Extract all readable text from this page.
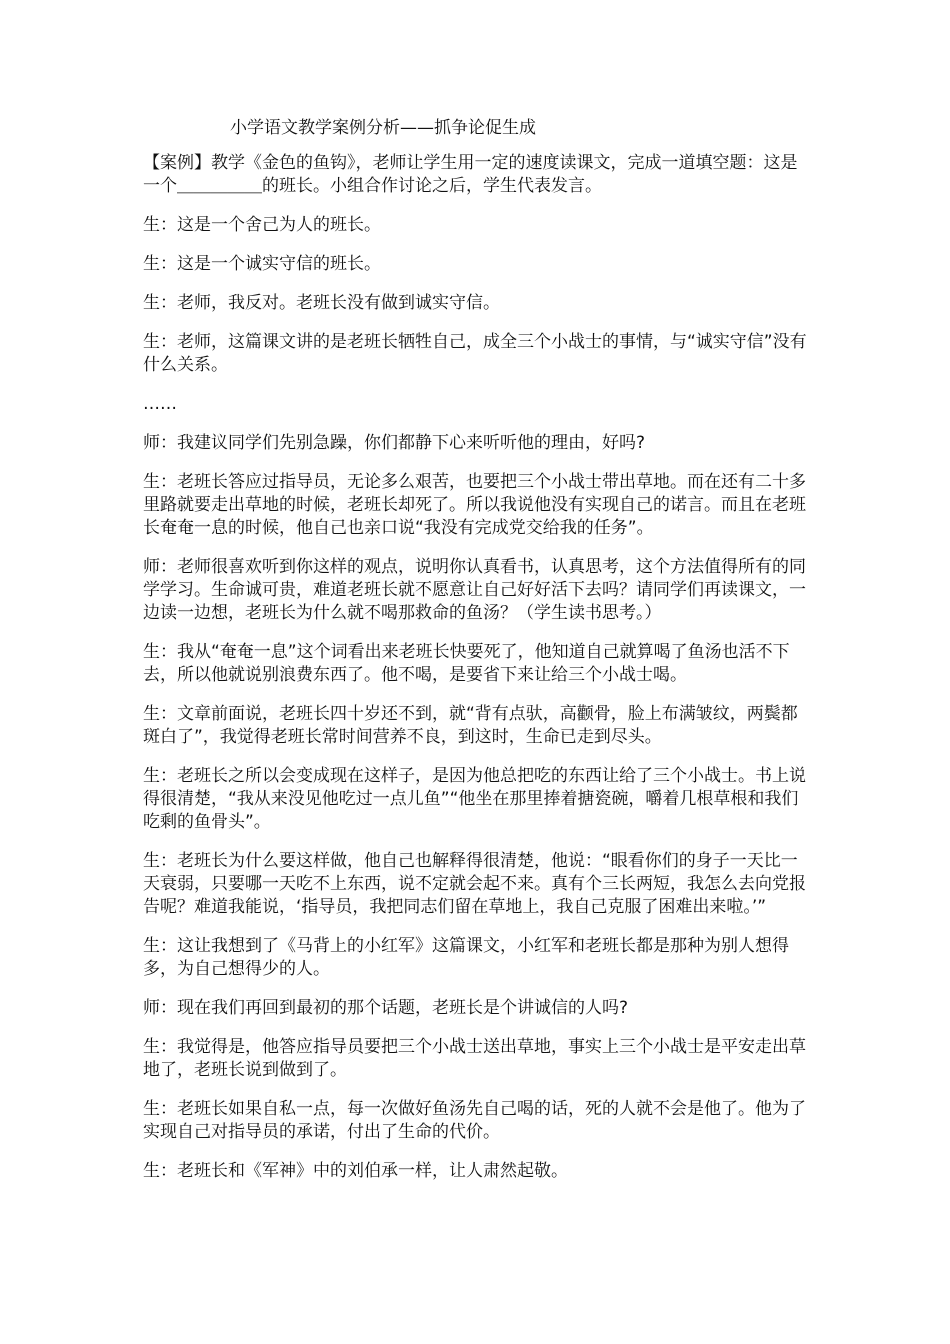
小学语文教学案例分析——抓争论促生成

【案例】教学《金色的鱼钩》，老师让学生用一定的速度读课文，完成一道填空题：这是一个＿＿＿＿＿的班长。小组合作讨论之后，学生代表发言。

生：这是一个舍己为人的班长。

生：这是一个诚实守信的班长。

生：老师，我反对。老班长没有做到诚实守信。

生：老师，这篇课文讲的是老班长牺牲自己，成全三个小战士的事情，与“诚实守信”没有什么关系。

……

师：我建议同学们先别急躁，你们都静下心来听听他的理由，好吗?

生：老班长答应过指导员，无论多么艰苦，也要把三个小战士带出草地。而在还有二十多里路就要走出草地的时候，老班长却死了。所以我说他没有实现自己的诺言。而且在老班长奄奄一息的时候，他自己也亲口说“我没有完成党交给我的任务”。

师：老师很喜欢听到你这样的观点，说明你认真看书，认真思考，这个方法值得所有的同学学习。生命诚可贵，难道老班长就不愿意让自己好好活下去吗？请同学们再读课文，一边读一边想，老班长为什么就不喝那救命的鱼汤？（学生读书思考。）

生：我从“奄奄一息”这个词看出来老班长快要死了，他知道自己就算喝了鱼汤也活不下去，所以他就说别浪费东西了。他不喝，是要省下来让给三个小战士喝。

生：文章前面说，老班长四十岁还不到，就“背有点驮，高颧骨，脸上布满皱纹，两鬓都斑白了”，我觉得老班长常时间营养不良，到这时，生命已走到尽头。

生：老班长之所以会变成现在这样子，是因为他总把吃的东西让给了三个小战士。书上说得很清楚，“我从来没见他吃过一点儿鱼”“他坐在那里捧着搪瓷碗，嚼着几根草根和我们吃剩的鱼骨头”。

生：老班长为什么要这样做，他自己也解释得很清楚，他说：“眼看你们的身子一天比一天衰弱，只要哪一天吃不上东西，说不定就会起不来。真有个三长两短，我怎么去向党报告呢？难道我能说，‘指导员，我把同志们留在草地上，我自己克服了困难出来啦。’”

生：这让我想到了《马背上的小红军》这篇课文，小红军和老班长都是那种为别人想得多，为自己想得少的人。

师：现在我们再回到最初的那个话题，老班长是个讲诚信的人吗?

生：我觉得是，他答应指导员要把三个小战士送出草地，事实上三个小战士是平安走出草地了，老班长说到做到了。

生：老班长如果自私一点，每一次做好鱼汤先自己喝的话，死的人就不会是他了。他为了实现自己对指导员的承诺，付出了生命的代价。

生：老班长和《军神》中的刘伯承一样，让人肃然起敬。
